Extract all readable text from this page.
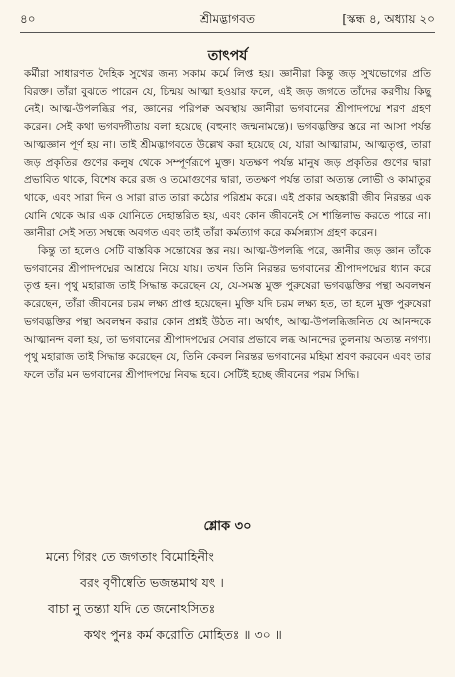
৪০	শ্রীমদ্ভাগবত	[স্কন্ধ ৪, অধ্যায় ২০
তাৎপর্য

কর্মীরা সাধারণত দৈহিক সুখের জন্য সকাম কর্মে লিপ্ত হয়। জ্ঞানীরা কিন্তু জড় সুখভোগের প্রতি বিরক্ত। তাঁরা বুঝতে পারেন যে, চিন্ময় আত্মা হওয়ার ফলে, এই জড় জগতে তাঁদের করণীয় কিছু নেই। আত্ম-উপলব্ধির পর, জ্ঞানের পরিপক্ব অবস্থায় জ্ঞানীরা ভগবানের শ্রীপাদপদ্মে শরণ গ্রহণ করেন। সেই কথা ভগবদ্গীতায় বলা হয়েছে (বহুনাং জন্মনামন্তে)। ভগবদ্ভক্তির স্তরে না আসা পর্যন্ত আত্মজ্ঞান পূর্ণ হয় না। তাই শ্রীমদ্ভাগবতে উল্লেখ করা হয়েছে যে, যারা আত্মারাম, আত্মতৃপ্ত, তারা জড় প্রকৃতির গুণের কলুষ থেকে সম্পূর্ণরূপে মুক্ত। যতক্ষণ পর্যন্ত মানুষ জড় প্রকৃতির গুণের দ্বারা প্রভাবিত থাকে, বিশেষ করে রজ ও তমোগুণের দ্বারা, ততক্ষণ পর্যন্ত তারা অত্যন্ত লোভী ও কামাতুর থাকে, এবং সারা দিন ও সারা রাত তারা কঠোর পরিশ্রম করে। এই প্রকার অহঙ্কারী জীব নিরন্তর এক যোনি থেকে আর এক যোনিতে দেহান্তরিত হয়, এবং কোন জীবনেই সে শান্তিলাভ করতে পারে না। জ্ঞানীরা সেই সত্য সম্বন্ধে অবগত এবং তাই তাঁরা কর্মত্যাগ করে কর্মসন্ন্যাস গ্রহণ করেন।

কিন্তু তা হলেও সেটি বাস্তবিক সন্তোষের স্তর নয়। আত্ম-উপলব্ধি পরে, জ্ঞানীর জড় জ্ঞান তাঁকে ভগবানের শ্রীপাদপদ্মের আশ্রয়ে নিয়ে যায়। তখন তিনি নিরন্তর ভগবানের শ্রীপাদপদ্মের ধ্যান করে তৃপ্ত হন। পৃথু মহারাজ তাই সিদ্ধান্ত করেছেন যে, যে-সমস্ত মুক্ত পুরুষেরা ভগবদ্ভক্তির পন্থা অবলম্বন করেছেন, তাঁরা জীবনের চরম লক্ষ্য প্রাপ্ত হয়েছেন। মুক্তি যদি চরম লক্ষ্য হত, তা হলে মুক্ত পুরুষেরা ভগবদ্ভক্তির পন্থা অবলম্বন করার কোন প্রশ্নই উঠত না। অর্থাৎ, আত্ম-উপলব্ধিজনিত যে আনন্দকে আত্মানন্দ বলা হয়, তা ভগবানের শ্রীপাদপদ্মের সেবার প্রভাবে লব্ধ আনন্দের তুলনায় অত্যন্ত নগণ্য। পৃথু মহারাজ তাই সিদ্ধান্ত করেছেন যে, তিনি কেবল নিরন্তর ভগবানের মহিমা শ্রবণ করবেন এবং তার ফলে তাঁর মন ভগবানের শ্রীপাদপদ্মে নিবদ্ধ হবে। সেটিই হচ্ছে জীবনের পরম সিদ্ধি।

শ্লোক ৩০
মন্যে গিরং তে জগতাং বিমোহিনীং
বরং বৃণীষ্বেতি ভজন্তমাথ যৎ ।
বাচা নু তন্ত্যা যদি তে জনোঽসিতঃ
কথং পুনঃ কর্ম করোতি মোহিতঃ ॥ ৩০ ॥
